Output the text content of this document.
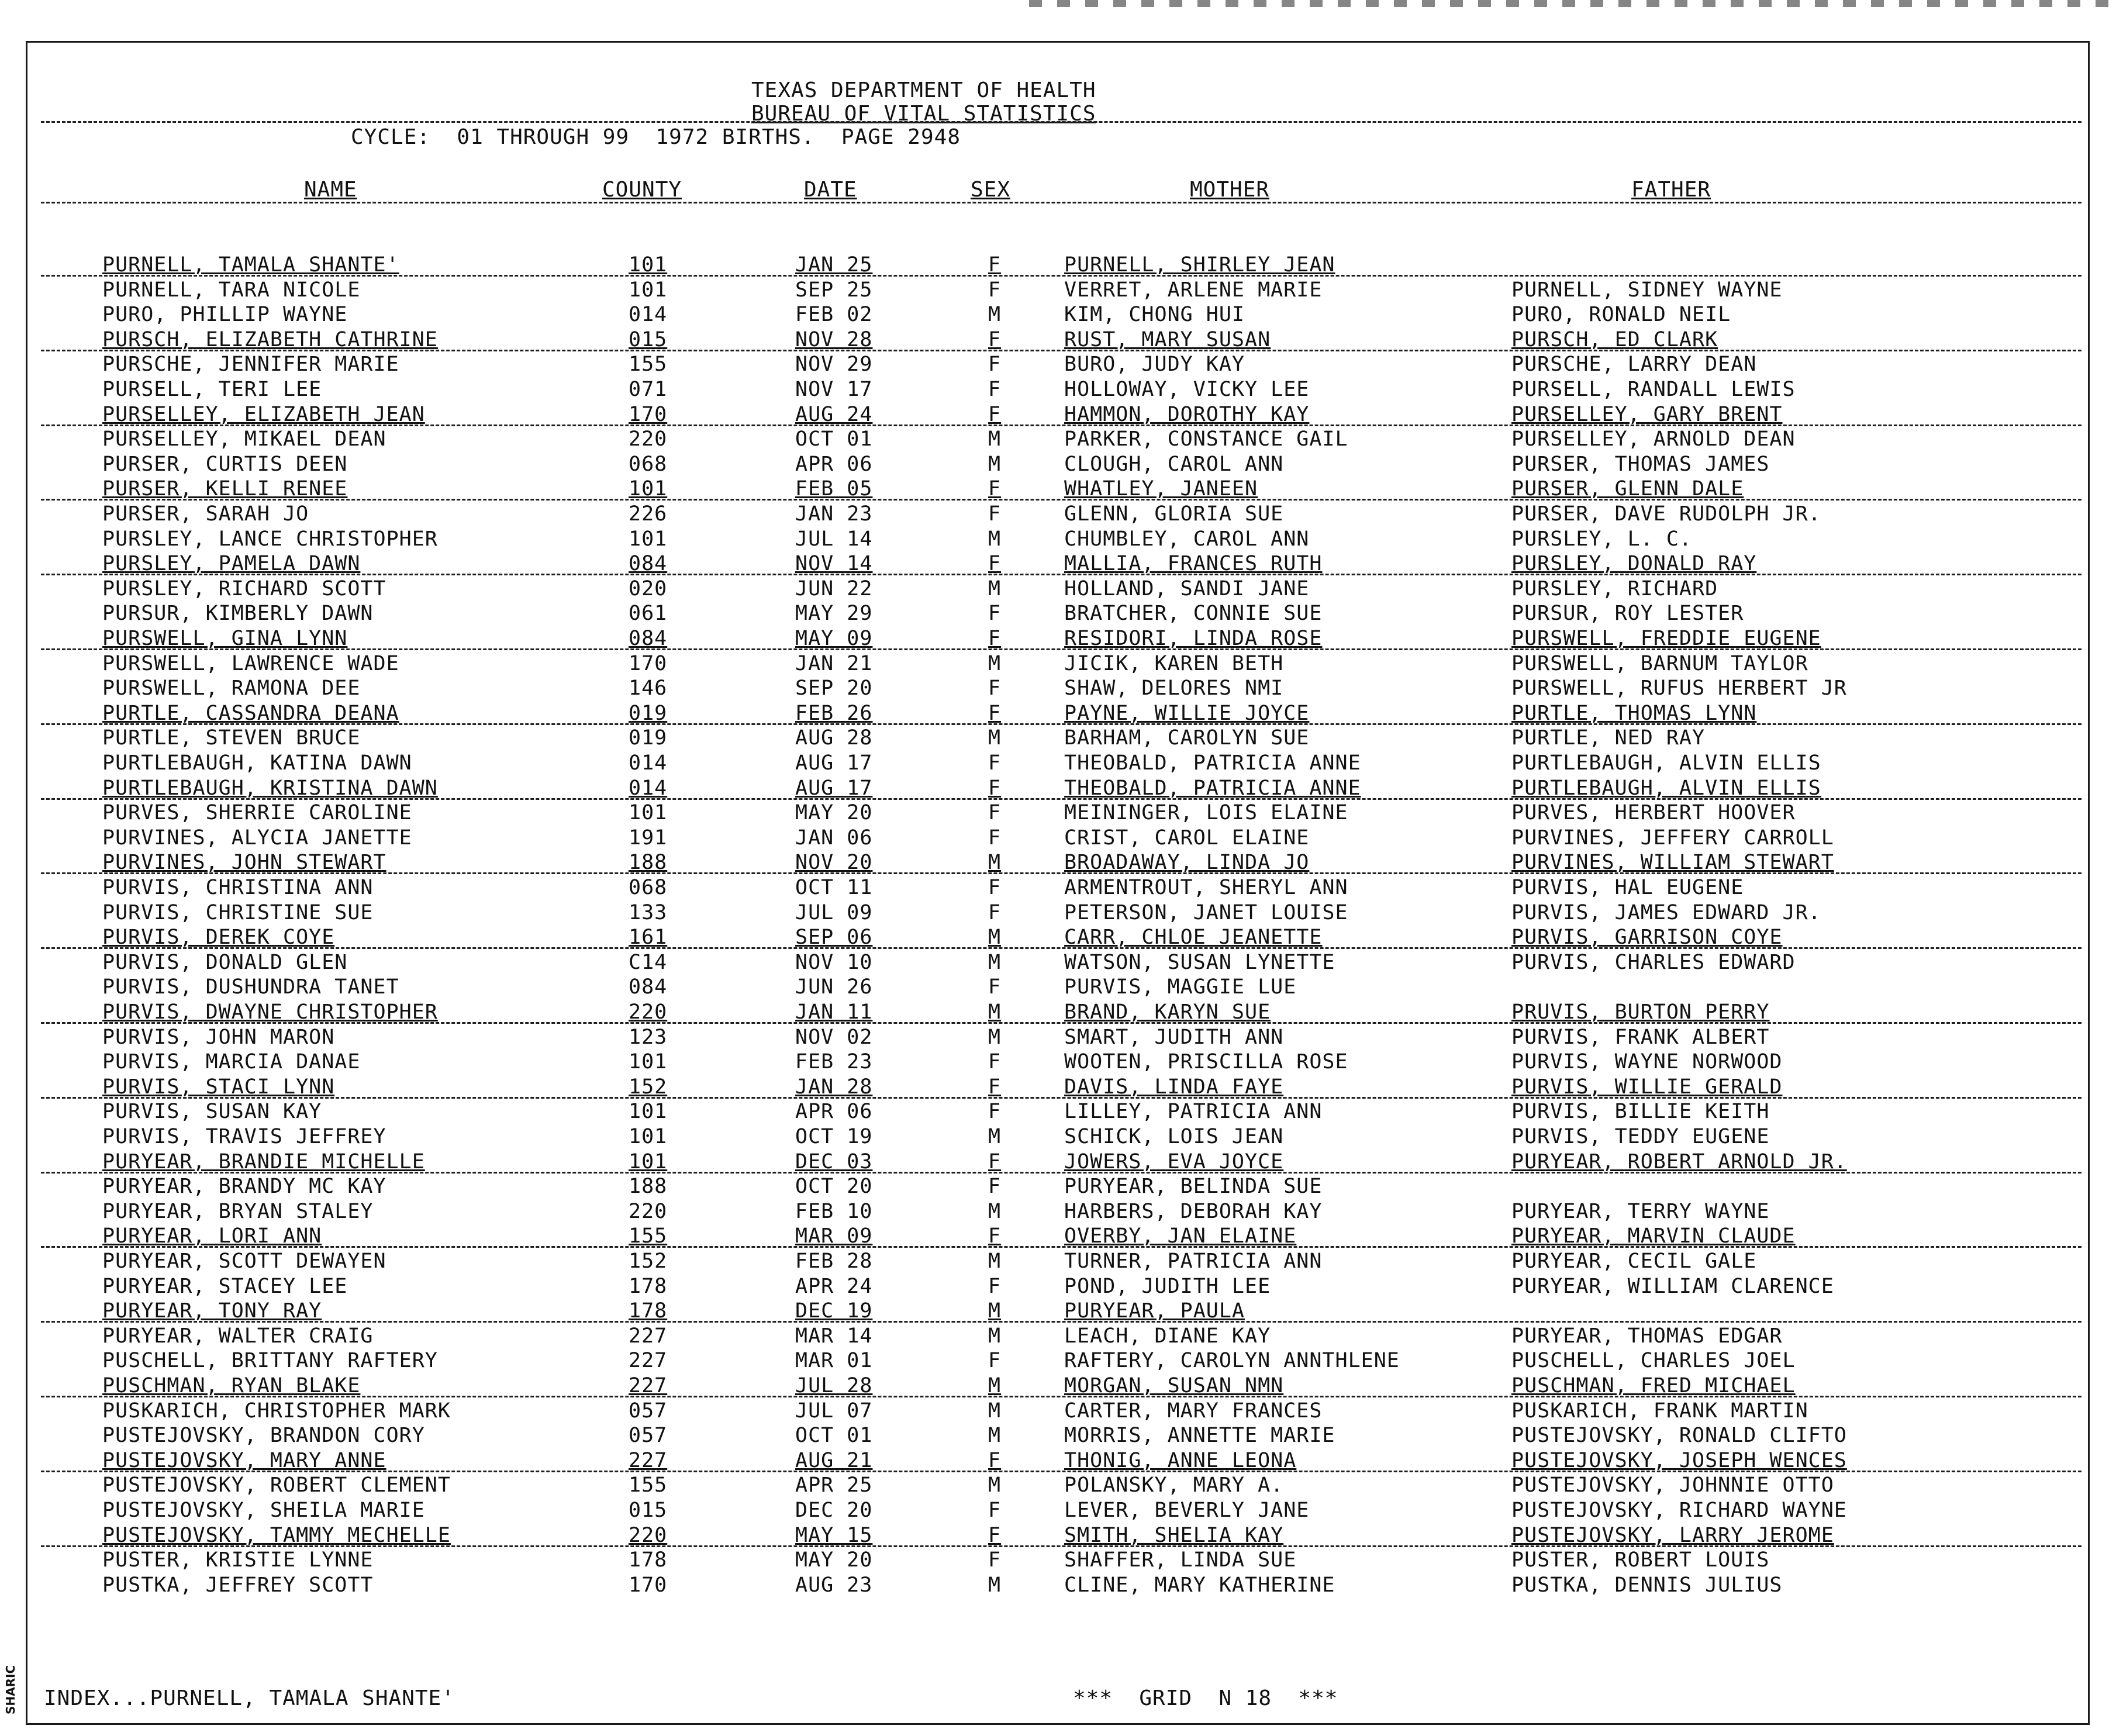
SHARIC
TEXAS DEPARTMENT OF HEALTH
BUREAU OF VITAL STATISTICS
CYCLE:  01 THROUGH 99  1972 BIRTHS.  PAGE 2948
NAME	COUNTY	DATE	SEX	MOTHER	FATHER
PURNELL, TAMALA SHANTE'	101	JAN 25	F	PURNELL, SHIRLEY JEAN
PURNELL, TARA NICOLE	101	SEP 25	F	VERRET, ARLENE MARIE	PURNELL, SIDNEY WAYNE
PURO, PHILLIP WAYNE	014	FEB 02	M	KIM, CHONG HUI	PURO, RONALD NEIL
PURSCH, ELIZABETH CATHRINE	015	NOV 28	F	RUST, MARY SUSAN	PURSCH, ED CLARK
PURSCHE, JENNIFER MARIE	155	NOV 29	F	BURO, JUDY KAY	PURSCHE, LARRY DEAN
PURSELL, TERI LEE	071	NOV 17	F	HOLLOWAY, VICKY LEE	PURSELL, RANDALL LEWIS
PURSELLEY, ELIZABETH JEAN	170	AUG 24	F	HAMMON, DOROTHY KAY	PURSELLEY, GARY BRENT
PURSELLEY, MIKAEL DEAN	220	OCT 01	M	PARKER, CONSTANCE GAIL	PURSELLEY, ARNOLD DEAN
PURSER, CURTIS DEEN	068	APR 06	M	CLOUGH, CAROL ANN	PURSER, THOMAS JAMES
PURSER, KELLI RENEE	101	FEB 05	F	WHATLEY, JANEEN	PURSER, GLENN DALE
PURSER, SARAH JO	226	JAN 23	F	GLENN, GLORIA SUE	PURSER, DAVE RUDOLPH JR.
PURSLEY, LANCE CHRISTOPHER	101	JUL 14	M	CHUMBLEY, CAROL ANN	PURSLEY, L. C.
PURSLEY, PAMELA DAWN	084	NOV 14	F	MALLIA, FRANCES RUTH	PURSLEY, DONALD RAY
PURSLEY, RICHARD SCOTT	020	JUN 22	M	HOLLAND, SANDI JANE	PURSLEY, RICHARD
PURSUR, KIMBERLY DAWN	061	MAY 29	F	BRATCHER, CONNIE SUE	PURSUR, ROY LESTER
PURSWELL, GINA LYNN	084	MAY 09	F	RESIDORI, LINDA ROSE	PURSWELL, FREDDIE EUGENE
PURSWELL, LAWRENCE WADE	170	JAN 21	M	JICIK, KAREN BETH	PURSWELL, BARNUM TAYLOR
PURSWELL, RAMONA DEE	146	SEP 20	F	SHAW, DELORES NMI	PURSWELL, RUFUS HERBERT JR
PURTLE, CASSANDRA DEANA	019	FEB 26	F	PAYNE, WILLIE JOYCE	PURTLE, THOMAS LYNN
PURTLE, STEVEN BRUCE	019	AUG 28	M	BARHAM, CAROLYN SUE	PURTLE, NED RAY
PURTLEBAUGH, KATINA DAWN	014	AUG 17	F	THEOBALD, PATRICIA ANNE	PURTLEBAUGH, ALVIN ELLIS
PURTLEBAUGH, KRISTINA DAWN	014	AUG 17	F	THEOBALD, PATRICIA ANNE	PURTLEBAUGH, ALVIN ELLIS
PURVES, SHERRIE CAROLINE	101	MAY 20	F	MEININGER, LOIS ELAINE	PURVES, HERBERT HOOVER
PURVINES, ALYCIA JANETTE	191	JAN 06	F	CRIST, CAROL ELAINE	PURVINES, JEFFERY CARROLL
PURVINES, JOHN STEWART	188	NOV 20	M	BROADAWAY, LINDA JO	PURVINES, WILLIAM STEWART
PURVIS, CHRISTINA ANN	068	OCT 11	F	ARMENTROUT, SHERYL ANN	PURVIS, HAL EUGENE
PURVIS, CHRISTINE SUE	133	JUL 09	F	PETERSON, JANET LOUISE	PURVIS, JAMES EDWARD JR.
PURVIS, DEREK COYE	161	SEP 06	M	CARR, CHLOE JEANETTE	PURVIS, GARRISON COYE
PURVIS, DONALD GLEN	C14	NOV 10	M	WATSON, SUSAN LYNETTE	PURVIS, CHARLES EDWARD
PURVIS, DUSHUNDRA TANET	084	JUN 26	F	PURVIS, MAGGIE LUE
PURVIS, DWAYNE CHRISTOPHER	220	JAN 11	M	BRAND, KARYN SUE	PRUVIS, BURTON PERRY
PURVIS, JOHN MARON	123	NOV 02	M	SMART, JUDITH ANN	PURVIS, FRANK ALBERT
PURVIS, MARCIA DANAE	101	FEB 23	F	WOOTEN, PRISCILLA ROSE	PURVIS, WAYNE NORWOOD
PURVIS, STACI LYNN	152	JAN 28	F	DAVIS, LINDA FAYE	PURVIS, WILLIE GERALD
PURVIS, SUSAN KAY	101	APR 06	F	LILLEY, PATRICIA ANN	PURVIS, BILLIE KEITH
PURVIS, TRAVIS JEFFREY	101	OCT 19	M	SCHICK, LOIS JEAN	PURVIS, TEDDY EUGENE
PURYEAR, BRANDIE MICHELLE	101	DEC 03	F	JOWERS, EVA JOYCE	PURYEAR, ROBERT ARNOLD JR.
PURYEAR, BRANDY MC KAY	188	OCT 20	F	PURYEAR, BELINDA SUE
PURYEAR, BRYAN STALEY	220	FEB 10	M	HARBERS, DEBORAH KAY	PURYEAR, TERRY WAYNE
PURYEAR, LORI ANN	155	MAR 09	F	OVERBY, JAN ELAINE	PURYEAR, MARVIN CLAUDE
PURYEAR, SCOTT DEWAYEN	152	FEB 28	M	TURNER, PATRICIA ANN	PURYEAR, CECIL GALE
PURYEAR, STACEY LEE	178	APR 24	F	POND, JUDITH LEE	PURYEAR, WILLIAM CLARENCE
PURYEAR, TONY RAY	178	DEC 19	M	PURYEAR, PAULA
PURYEAR, WALTER CRAIG	227	MAR 14	M	LEACH, DIANE KAY	PURYEAR, THOMAS EDGAR
PUSCHELL, BRITTANY RAFTERY	227	MAR 01	F	RAFTERY, CAROLYN ANNTHLENE	PUSCHELL, CHARLES JOEL
PUSCHMAN, RYAN BLAKE	227	JUL 28	M	MORGAN, SUSAN NMN	PUSCHMAN, FRED MICHAEL
PUSKARICH, CHRISTOPHER MARK	057	JUL 07	M	CARTER, MARY FRANCES	PUSKARICH, FRANK MARTIN
PUSTEJOVSKY, BRANDON CORY	057	OCT 01	M	MORRIS, ANNETTE MARIE	PUSTEJOVSKY, RONALD CLIFTO
PUSTEJOVSKY, MARY ANNE	227	AUG 21	F	THONIG, ANNE LEONA	PUSTEJOVSKY, JOSEPH WENCES
PUSTEJOVSKY, ROBERT CLEMENT	155	APR 25	M	POLANSKY, MARY A.	PUSTEJOVSKY, JOHNNIE OTTO
PUSTEJOVSKY, SHEILA MARIE	015	DEC 20	F	LEVER, BEVERLY JANE	PUSTEJOVSKY, RICHARD WAYNE
PUSTEJOVSKY, TAMMY MECHELLE	220	MAY 15	F	SMITH, SHELIA KAY	PUSTEJOVSKY, LARRY JEROME
PUSTER, KRISTIE LYNNE	178	MAY 20	F	SHAFFER, LINDA SUE	PUSTER, ROBERT LOUIS
PUSTKA, JEFFREY SCOTT	170	AUG 23	M	CLINE, MARY KATHERINE	PUSTKA, DENNIS JULIUS
INDEX...PURNELL, TAMALA SHANTE'	***  GRID  N 18  ***
